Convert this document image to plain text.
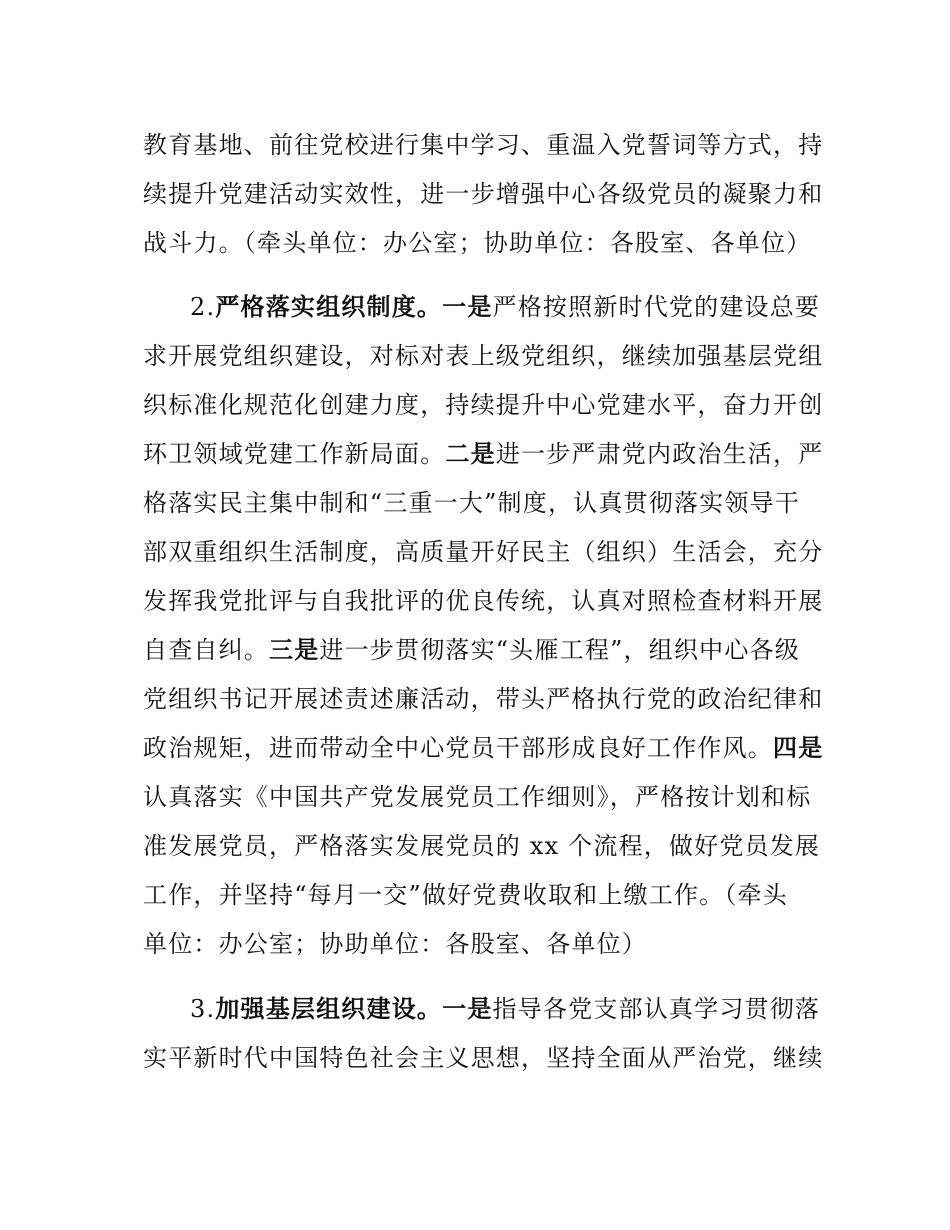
教育基地、前往党校进行集中学习、重温入党誓词等方式，持
续提升党建活动实效性，进一步增强中心各级党员的凝聚力和
战斗力。（牵头单位：办公室；协助单位：各股室、各单位）
2.严格落实组织制度。一是严格按照新时代党的建设总要
求开展党组织建设，对标对表上级党组织，继续加强基层党组
织标准化规范化创建力度，持续提升中心党建水平，奋力开创
环卫领域党建工作新局面。二是进一步严肃党内政治生活，严
格落实民主集中制和“三重一大”制度，认真贯彻落实领导干
部双重组织生活制度，高质量开好民主（组织）生活会，充分
发挥我党批评与自我批评的优良传统，认真对照检查材料开展
自查自纠。三是进一步贯彻落实“头雁工程”，组织中心各级
党组织书记开展述责述廉活动，带头严格执行党的政治纪律和
政治规矩，进而带动全中心党员干部形成良好工作作风。四是
认真落实《中国共产党发展党员工作细则》，严格按计划和标
准发展党员，严格落实发展党员的 xx 个流程，做好党员发展
工作，并坚持“每月一交”做好党费收取和上缴工作。（牵头
单位：办公室；协助单位：各股室、各单位）
3.加强基层组织建设。一是指导各党支部认真学习贯彻落
实平新时代中国特色社会主义思想，坚持全面从严治党，继续
